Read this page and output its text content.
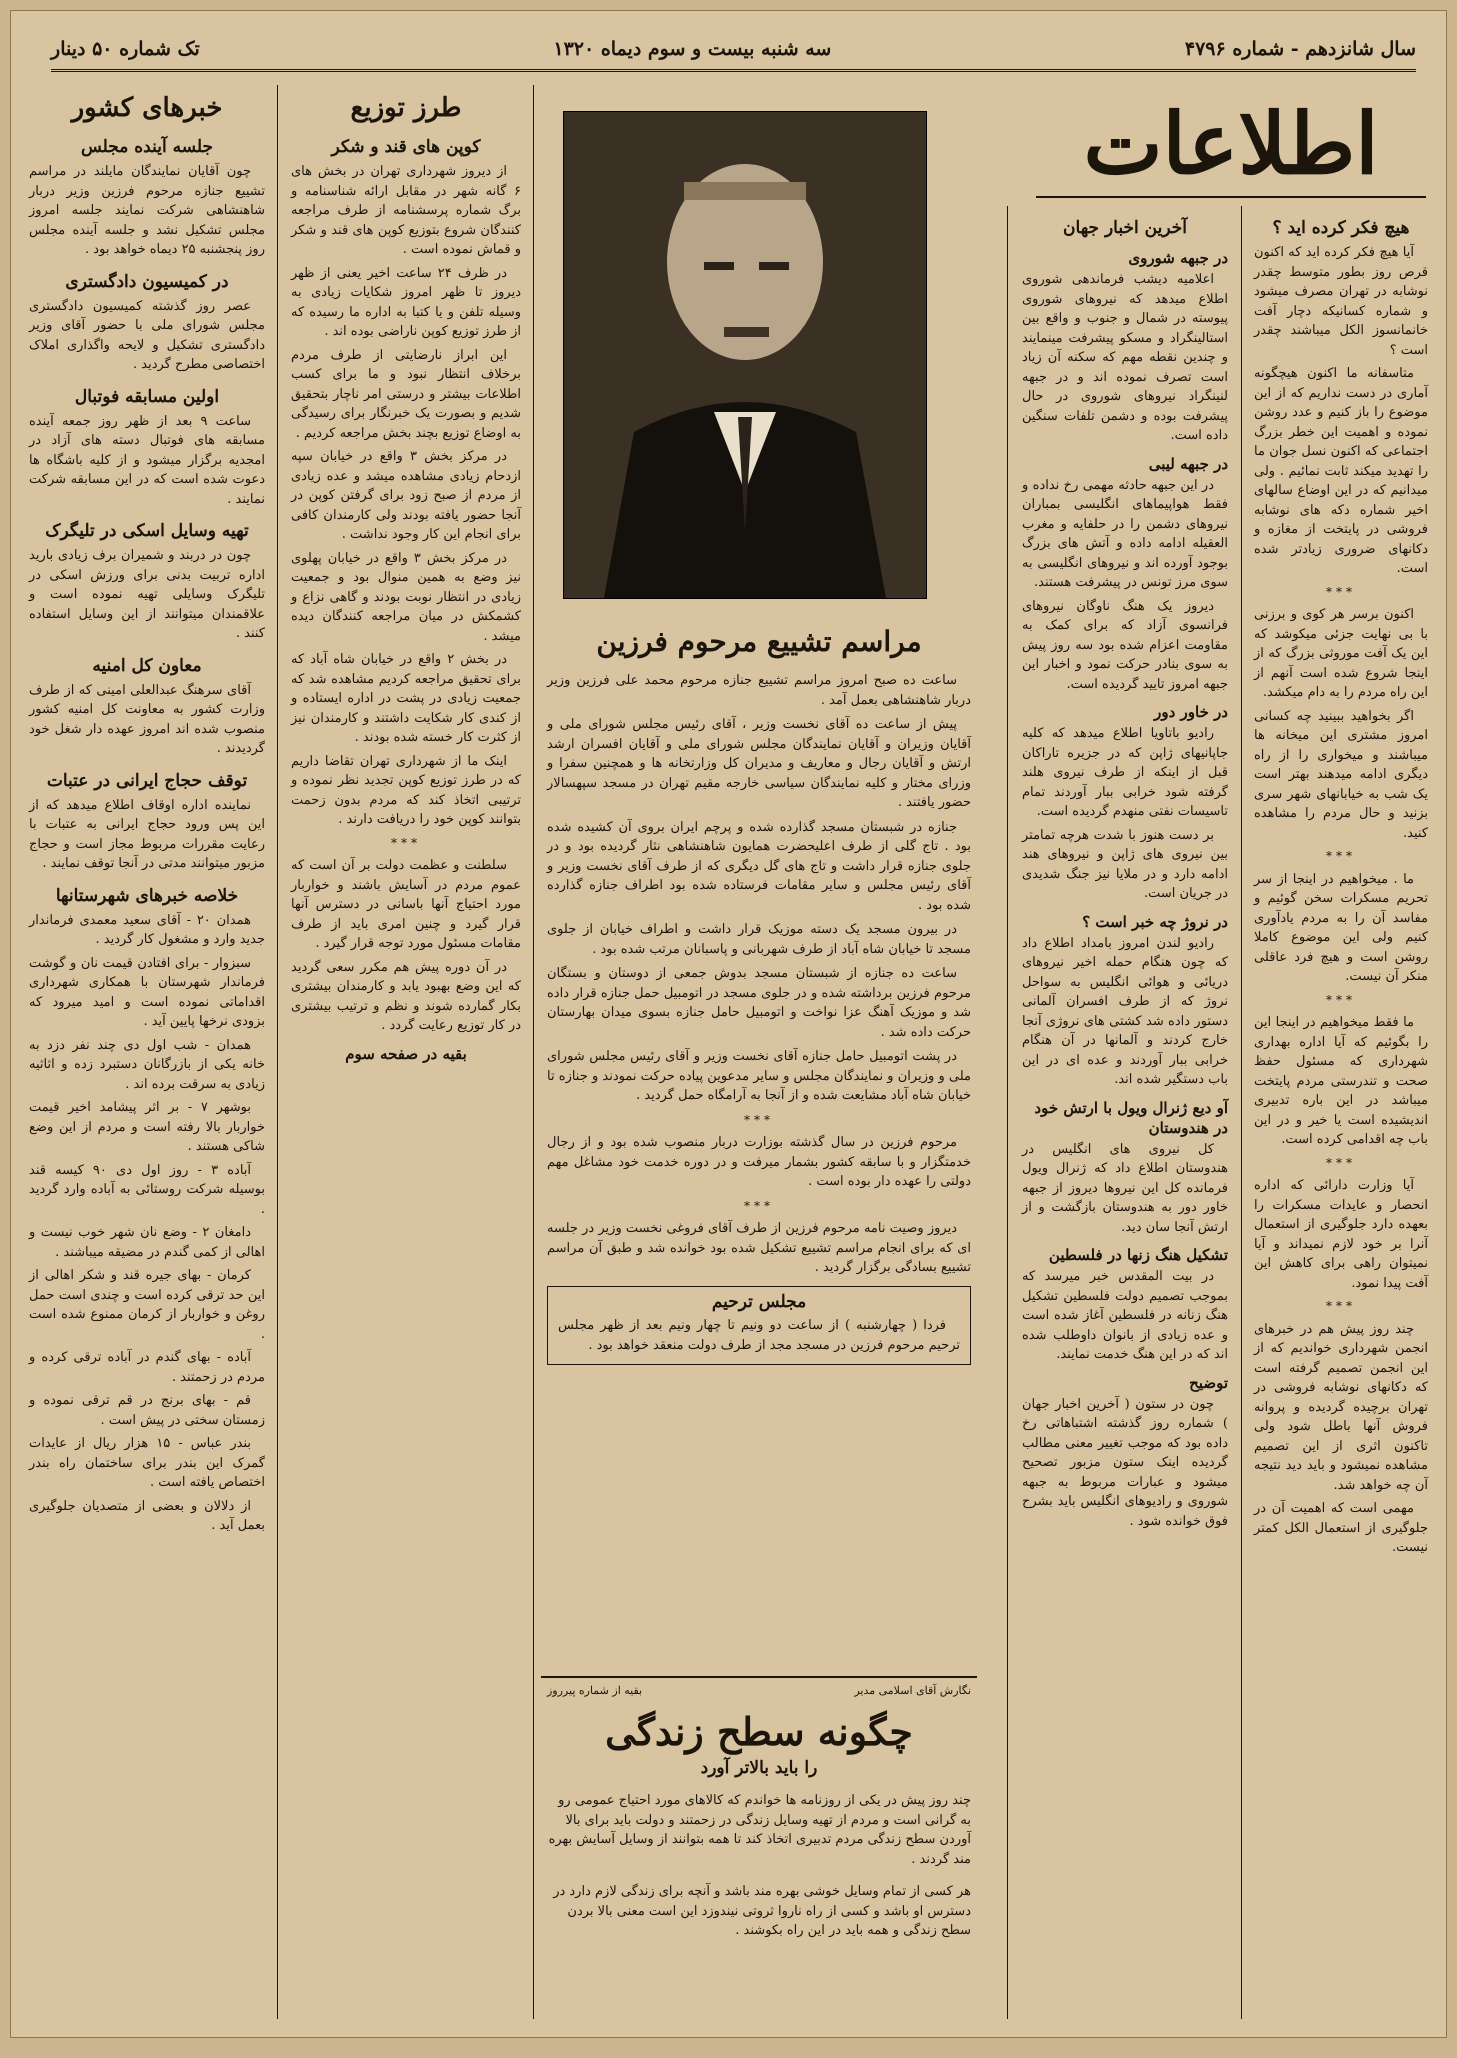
سال شانزدهم - شماره ۴۷۹۶
سه شنبه بیست و سوم دیماه ۱۳۲۰
تک شماره ۵۰ دینار
اطلاعات
هیچ فکر کرده اید ؟

آیا هیچ فکر کرده اید که اکنون قرص روز بطور متوسط چقدر نوشابه در تهران مصرف میشود و شماره کسانیکه دچار آفت خانمانسوز الکل میباشند چقدر است ؟

متاسفانه ما اکنون هیچگونه آماری در دست نداریم که از این موضوع را باز کنیم و عدد روشن نموده و اهمیت این خطر بزرگ اجتماعی که اکنون نسل جوان ما را تهدید میکند ثابت نمائیم . ولی میدانیم که در این اوضاع سالهای اخیر شماره دکه های نوشابه فروشی در پایتخت از مغازه و دکانهای ضروری زیادتر شده است.

***

اکنون برسر هر کوی و برزنی با بی نهایت جزئی میکوشد که این یک آفت موروثی بزرگ که از اینجا شروع شده است آنهم از این راه مردم را به دام میکشد.

اگر بخواهید ببینید چه کسانی امروز مشتری این میخانه ها میباشند و میخواری را از راه دیگری ادامه میدهند بهتر است یک شب به خیابانهای شهر سری بزنید و حال مردم را مشاهده کنید.

***

ما . میخواهیم در اینجا از سر تحریم مسکرات سخن گوئیم و مفاسد آن را به مردم یادآوری کنیم ولی این موضوع کاملا روشن است و هیچ فرد عاقلی منکر آن نیست.

***

ما فقط میخواهیم در اینجا این را بگوئیم که آیا اداره بهداری شهرداری که مسئول حفظ صحت و تندرستی مردم پایتخت میباشد در این باره تدبیری اندیشیده است یا خیر و در این باب چه اقدامی کرده است.

***

آیا وزارت دارائی که اداره انحصار و عایدات مسکرات را بعهده دارد جلوگیری از استعمال آنرا بر خود لازم نمیداند و آیا نمیتوان راهی برای کاهش این آفت پیدا نمود.

***

چند روز پیش هم در خبرهای انجمن شهرداری خواندیم که از این انجمن تصمیم گرفته است که دکانهای نوشابه فروشی در تهران برچیده گردیده و پروانه فروش آنها باطل شود ولی تاکنون اثری از این تصمیم مشاهده نمیشود و باید دید نتیجه آن چه خواهد شد.

مهمی است که اهمیت آن در جلوگیری از استعمال الکل کمتر نیست.

آخرین اخبار جهان
در جبهه شوروی

اعلامیه دیشب فرماندهی شوروی اطلاع میدهد که نیروهای شوروی پیوسته در شمال و جنوب و واقع بین استالینگراد و مسکو پیشرفت مینمایند و چندین نقطه مهم که سکنه آن زیاد است تصرف نموده اند و در جبهه لنینگراد نیروهای شوروی در حال پیشرفت بوده و دشمن تلفات سنگین داده است.

در جبهه لیبی

در این جبهه حادثه مهمی رخ نداده و فقط هواپیماهای انگلیسی بمباران نیروهای دشمن را در حلفایه و مغرب العقیله ادامه داده و آتش های بزرگ بوجود آورده اند و نیروهای انگلیسی به سوی مرز تونس در پیشرفت هستند.

دیروز یک هنگ ناوگان نیروهای فرانسوی آزاد که برای کمک به مقاومت اعزام شده بود سه روز پیش به سوی بنادر حرکت نمود و اخبار این جبهه امروز تایید گردیده است.

در خاور دور

رادیو باتاویا اطلاع میدهد که کلیه جاپانیهای ژاپن که در جزیره تاراکان قبل از اینکه از طرف نیروی هلند گرفته شود خرابی ببار آوردند تمام تاسیسات نفتی منهدم گردیده است.

بر دست هنوز با شدت هرچه تمامتر بین نیروی های ژاپن و نیروهای هند ادامه دارد و در ملایا نیز جنگ شدیدی در جریان است.

در نروژ چه خبر است ؟

رادیو لندن امروز بامداد اطلاع داد که چون هنگام حمله اخیر نیروهای دریائی و هوائی انگلیس به سواحل نروژ که از طرف افسران آلمانی دستور داده شد کشتی های نروژی آنجا خارج کردند و آلمانها در آن هنگام خرابی ببار آوردند و عده ای در این باب دستگیر شده اند.

آو دیع ژنرال ویول با ارتش خود در هندوستان

کل نیروی های انگلیس در هندوستان اطلاع داد که ژنرال ویول فرمانده کل این نیروها دیروز از جبهه خاور دور به هندوستان بازگشت و از ارتش آنجا سان دید.

تشکیل هنگ زنها در فلسطین

در بیت المقدس خبر میرسد که بموجب تصمیم دولت فلسطین تشکیل هنگ زنانه در فلسطین آغاز شده است و عده زیادی از بانوان داوطلب شده اند که در این هنگ خدمت نمایند.

توضیح

چون در ستون ( آخرین اخبار جهان ) شماره روز گذشته اشتباهاتی رخ داده بود که موجب تغییر معنی مطالب گردیده اینک ستون مزبور تصحیح میشود و عبارات مربوط به جبهه شوروی و رادیوهای انگلیس باید بشرح فوق خوانده شود .

مراسم تشییع مرحوم فرزین

ساعت ده صبح امروز مراسم تشییع جنازه مرحوم محمد علی فرزین وزیر دربار شاهنشاهی بعمل آمد .

پیش از ساعت ده آقای نخست وزیر ، آقای رئیس مجلس شورای ملی و آقایان وزیران و آقایان نمایندگان مجلس شورای ملی و آقایان افسران ارشد ارتش و آقایان رجال و معاریف و مدیران کل وزارتخانه ها و همچنین سفرا و وزرای مختار و کلیه نمایندگان سیاسی خارجه مقیم تهران در مسجد سپهسالار حضور یافتند .

جنازه در شبستان مسجد گذارده شده و پرچم ایران بروی آن کشیده شده بود . تاج گلی از طرف اعلیحضرت همایون شاهنشاهی نثار گردیده بود و در جلوی جنازه قرار داشت و تاج های گل دیگری که از طرف آقای نخست وزیر و آقای رئیس مجلس و سایر مقامات فرستاده شده بود اطراف جنازه گذارده شده بود .

در بیرون مسجد یک دسته موزیک قرار داشت و اطراف خیابان از جلوی مسجد تا خیابان شاه آباد از طرف شهربانی و پاسبانان مرتب شده بود .

ساعت ده جنازه از شبستان مسجد بدوش جمعی از دوستان و بستگان مرحوم فرزین برداشته شده و در جلوی مسجد در اتومبیل حمل جنازه قرار داده شد و موزیک آهنگ عزا نواخت و اتومبیل حامل جنازه بسوی میدان بهارستان حرکت داده شد .

در پشت اتومبیل حامل جنازه آقای نخست وزیر و آقای رئیس مجلس شورای ملی و وزیران و نمایندگان مجلس و سایر مدعوین پیاده حرکت نمودند و جنازه تا خیابان شاه آباد مشایعت شده و از آنجا به آرامگاه حمل گردید .

***

مرحوم فرزین در سال گذشته بوزارت دربار منصوب شده بود و از رجال خدمتگزار و با سابقه کشور بشمار میرفت و در دوره خدمت خود مشاغل مهم دولتی را عهده دار بوده است .

***

دیروز وصیت نامه مرحوم فرزین از طرف آقای فروغی نخست وزیر در جلسه ای که برای انجام مراسم تشییع تشکیل شده بود خوانده شد و طبق آن مراسم تشییع بسادگی برگزار گردید .

مجلس ترحیم

فردا ( چهارشنبه ) از ساعت دو ونیم تا چهار ونیم بعد از ظهر مجلس ترحیم مرحوم فرزین در مسجد مجد از طرف دولت منعقد خواهد بود .

نگارش آقای اسلامی مدیر
بقیه از شماره پیرروز
چگونه سطح زندگی
را باید بالاتر آورد

چند روز پیش در یکی از روزنامه ها خواندم که کالاهای مورد احتیاج عمومی رو به گرانی است و مردم از تهیه وسایل زندگی در زحمتند و دولت باید برای بالا آوردن سطح زندگی مردم تدبیری اتخاذ کند تا همه بتوانند از وسایل آسایش بهره مند گردند .

هر کسی از تمام وسایل خوشی بهره مند باشد و آنچه برای زندگی لازم دارد در دسترس او باشد و کسی از راه ناروا ثروتی نیندوزد این است معنی بالا بردن سطح زندگی و همه باید در این راه بکوشند .

طرز توزیع
کوپن های قند و شکر

از دیروز شهرداری تهران در بخش های ۶ گانه شهر در مقابل ارائه شناسنامه و برگ شماره پرسشنامه از طرف مراجعه کنندگان شروع بتوزیع کوپن های قند و شکر و قماش نموده است .

در ظرف ۲۴ ساعت اخیر یعنی از ظهر دیروز تا ظهر امروز شکایات زیادی به وسیله تلفن و یا کتبا به اداره ما رسیده که از طرز توزیع کوپن ناراضی بوده اند .

این ابراز نارضایتی از طرف مردم برخلاف انتظار نبود و ما برای کسب اطلاعات بیشتر و درستی امر ناچار بتحقیق شدیم و بصورت یک خبرنگار برای رسیدگی به اوضاع توزیع بچند بخش مراجعه کردیم .

در مرکز بخش ۳ واقع در خیابان سپه ازدحام زیادی مشاهده میشد و عده زیادی از مردم از صبح زود برای گرفتن کوپن در آنجا حضور یافته بودند ولی کارمندان کافی برای انجام این کار وجود نداشت .

در مرکز بخش ۳ واقع در خیابان پهلوی نیز وضع به همین منوال بود و جمعیت زیادی در انتظار نوبت بودند و گاهی نزاع و کشمکش در میان مراجعه کنندگان دیده میشد .

در بخش ۲ واقع در خیابان شاه آباد که برای تحقیق مراجعه کردیم مشاهده شد که جمعیت زیادی در پشت در اداره ایستاده و از کندی کار شکایت داشتند و کارمندان نیز از کثرت کار خسته شده بودند .

اینک ما از شهرداری تهران تقاضا داریم که در طرز توزیع کوپن تجدید نظر نموده و ترتیبی اتخاذ کند که مردم بدون زحمت بتوانند کوپن خود را دریافت دارند .

***

سلطنت و عظمت دولت بر آن است که عموم مردم در آسایش باشند و خواربار مورد احتیاج آنها باسانی در دسترس آنها قرار گیرد و چنین امری باید از طرف مقامات مسئول مورد توجه قرار گیرد .

در آن دوره پیش هم مکرر سعی گردید که این وضع بهبود یابد و کارمندان بیشتری بکار گمارده شوند و نظم و ترتیب بیشتری در کار توزیع رعایت گردد .

بقیه در صفحه سوم
خبرهای کشور
جلسه آینده مجلس

چون آقایان نمایندگان مایلند در مراسم تشییع جنازه مرحوم فرزین وزیر دربار شاهنشاهی شرکت نمایند جلسه امروز مجلس تشکیل نشد و جلسه آینده مجلس روز پنجشنبه ۲۵ دیماه خواهد بود .

در کمیسیون دادگستری

عصر روز گذشته کمیسیون دادگستری مجلس شورای ملی با حضور آقای وزیر دادگستری تشکیل و لایحه واگذاری املاک اختصاصی مطرح گردید .

اولین مسابقه فوتبال

ساعت ۹ بعد از ظهر روز جمعه آینده مسابقه های فوتبال دسته های آزاد در امجدیه برگزار میشود و از کلیه باشگاه ها دعوت شده است که در این مسابقه شرکت نمایند .

تهیه وسایل اسکی در تلیگرک

چون در دربند و شمیران برف زیادی بارید اداره تربیت بدنی برای ورزش اسکی در تلیگرک وسایلی تهیه نموده است و علاقمندان میتوانند از این وسایل استفاده کنند .

معاون کل امنیه

آقای سرهنگ عبدالعلی امینی که از طرف وزارت کشور به معاونت کل امنیه کشور منصوب شده اند امروز عهده دار شغل خود گردیدند .

توقف حجاج ایرانی در عتبات

نماینده اداره اوقاف اطلاع میدهد که از این پس ورود حجاج ایرانی به عتبات با رعایت مقررات مربوط مجاز است و حجاج مزبور میتوانند مدتی در آنجا توقف نمایند .

خلاصه خبرهای شهرستانها

همدان ۲۰ - آقای سعید معمدی فرماندار جدید وارد و مشغول کار گردید .

سبزوار - برای افتادن قیمت نان و گوشت فرماندار شهرستان با همکاری شهرداری اقداماتی نموده است و امید میرود که بزودی نرخها پایین آید .

همدان - شب اول دی چند نفر دزد به خانه یکی از بازرگانان دستبرد زده و اثاثیه زیادی به سرقت برده اند .

بوشهر ۷ - بر اثر پیشامد اخیر قیمت خواربار بالا رفته است و مردم از این وضع شاکی هستند .

آباده ۳ - روز اول دی ۹۰ کیسه قند بوسیله شرکت روستائی به آباده وارد گردید .

دامغان ۲ - وضع نان شهر خوب نیست و اهالی از کمی گندم در مضیقه میباشند .

کرمان - بهای جیره قند و شکر اهالی از این حد ترقی کرده است و چندی است حمل روغن و خواربار از کرمان ممنوع شده است .

آباده - بهای گندم در آباده ترقی کرده و مردم در زحمتند .

قم - بهای برنج در قم ترقی نموده و زمستان سختی در پیش است .

بندر عباس - ۱۵ هزار ریال از عایدات گمرک این بندر برای ساختمان راه بندر اختصاص یافته است .

از دلالان و بعضی از متصدیان جلوگیری بعمل آید .
